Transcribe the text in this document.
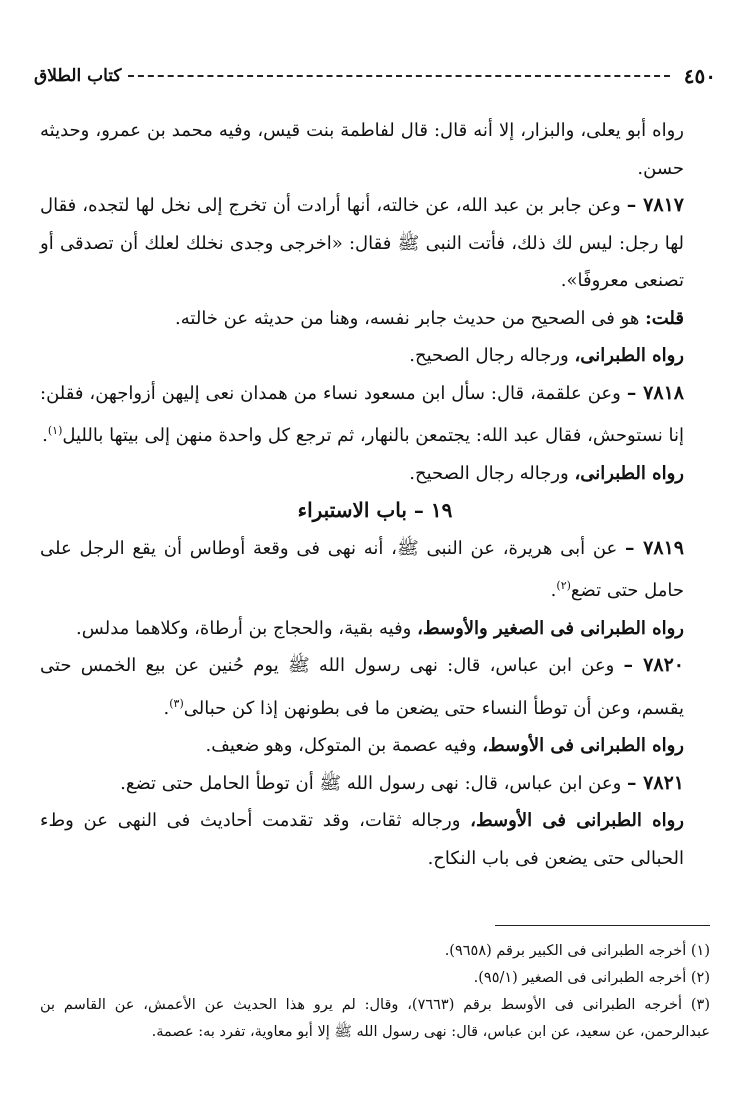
٤٥٠
كتاب الطلاق

رواه أبو يعلى، والبزار، إلا أنه قال: قال لفاطمة بنت قيس، وفيه محمد بن عمرو، وحديثه حسن.

٧٨١٧ – وعن جابر بن عبد الله، عن خالته، أنها أرادت أن تخرج إلى نخل لها لتجده، فقال لها رجل: ليس لك ذلك، فأتت النبى ﷺ فقال: «اخرجى وجدى نخلك لعلك أن تصدقى أو تصنعى معروفًا».

قلت: هو فى الصحيح من حديث جابر نفسه، وهنا من حديثه عن خالته.

رواه الطبرانى، ورجاله رجال الصحيح.

٧٨١٨ – وعن علقمة، قال: سأل ابن مسعود نساء من همدان نعى إليهن أزواجهن، فقلن: إنا نستوحش، فقال عبد الله: يجتمعن بالنهار، ثم ترجع كل واحدة منهن إلى بيتها بالليل$^{(١)}$.

رواه الطبرانى، ورجاله رجال الصحيح.

١٩ – باب الاستبراء

٧٨١٩ – عن أبى هريرة، عن النبى ﷺ، أنه نهى فى وقعة أوطاس أن يقع الرجل على حامل حتى تضع$^{(٢)}$.

رواه الطبرانى فى الصغير والأوسط، وفيه بقية، والحجاج بن أرطاة، وكلاهما مدلس.

٧٨٢٠ – وعن ابن عباس، قال: نهى رسول الله ﷺ يوم حُنين عن بيع الخمس حتى يقسم، وعن أن توطأ النساء حتى يضعن ما فى بطونهن إذا كن حبالى$^{(٣)}$.

رواه الطبرانى فى الأوسط، وفيه عصمة بن المتوكل، وهو ضعيف.

٧٨٢١ – وعن ابن عباس، قال: نهى رسول الله ﷺ أن توطأ الحامل حتى تضع.

رواه الطبرانى فى الأوسط، ورجاله ثقات، وقد تقدمت أحاديث فى النهى عن وطء الحبالى حتى يضعن فى باب النكاح.

(١) أخرجه الطبرانى فى الكبير برقم (٩٦٥٨).

(٢) أخرجه الطبرانى فى الصغير (٩٥/١).

(٣) أخرجه الطبرانى فى الأوسط برقم (٧٦٦٣)، وقال: لم يرو هذا الحديث عن الأعمش، عن القاسم بن عبدالرحمن، عن سعيد، عن ابن عباس، قال: نهى رسول الله ﷺ إلا أبو معاوية، تفرد به: عصمة.
